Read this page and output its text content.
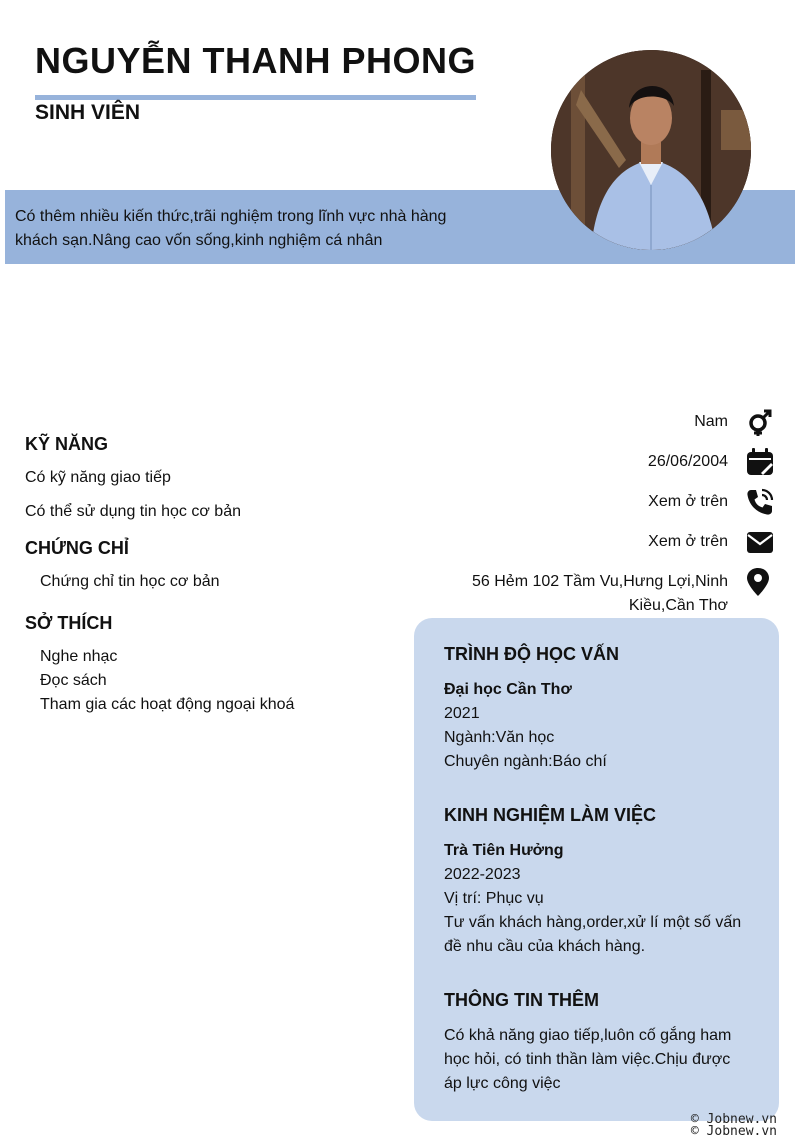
NGUYỄN THANH PHONG
SINH VIÊN
Có thêm nhiều kiến thức,trãi nghiệm trong lĩnh vực nhà hàng
khách sạn.Nâng cao vốn sống,kinh nghiệm cá nhân
Nam
26/06/2004
Xem ở trên
Xem ở trên
56 Hẻm 102 Tầm Vu,Hưng Lợi,Ninh
Kiều,Cần Thơ
KỸ NĂNG
Có kỹ năng giao tiếp
Có thể sử dụng tin học cơ bản
CHỨNG CHỈ
Chứng chỉ tin học cơ bản
SỞ THÍCH
Nghe nhạc
Đọc sách
Tham gia các hoạt động ngoại khoá
TRÌNH ĐỘ HỌC VẤN
Đại học Cần Thơ
2021
Ngành:Văn học
Chuyên ngành:Báo chí
KINH NGHIỆM LÀM VIỆC
Trà Tiên Hưởng
2022-2023
Vị trí: Phục vụ
Tư vấn khách hàng,order,xử lí một số vấn
đề nhu cầu của khách hàng.
THÔNG TIN THÊM
Có khả năng giao tiếp,luôn cố gắng ham
học hỏi, có tinh thần làm việc.Chịu được
áp lực công việc
© Jobnew.vn
© Jobnew.vn
